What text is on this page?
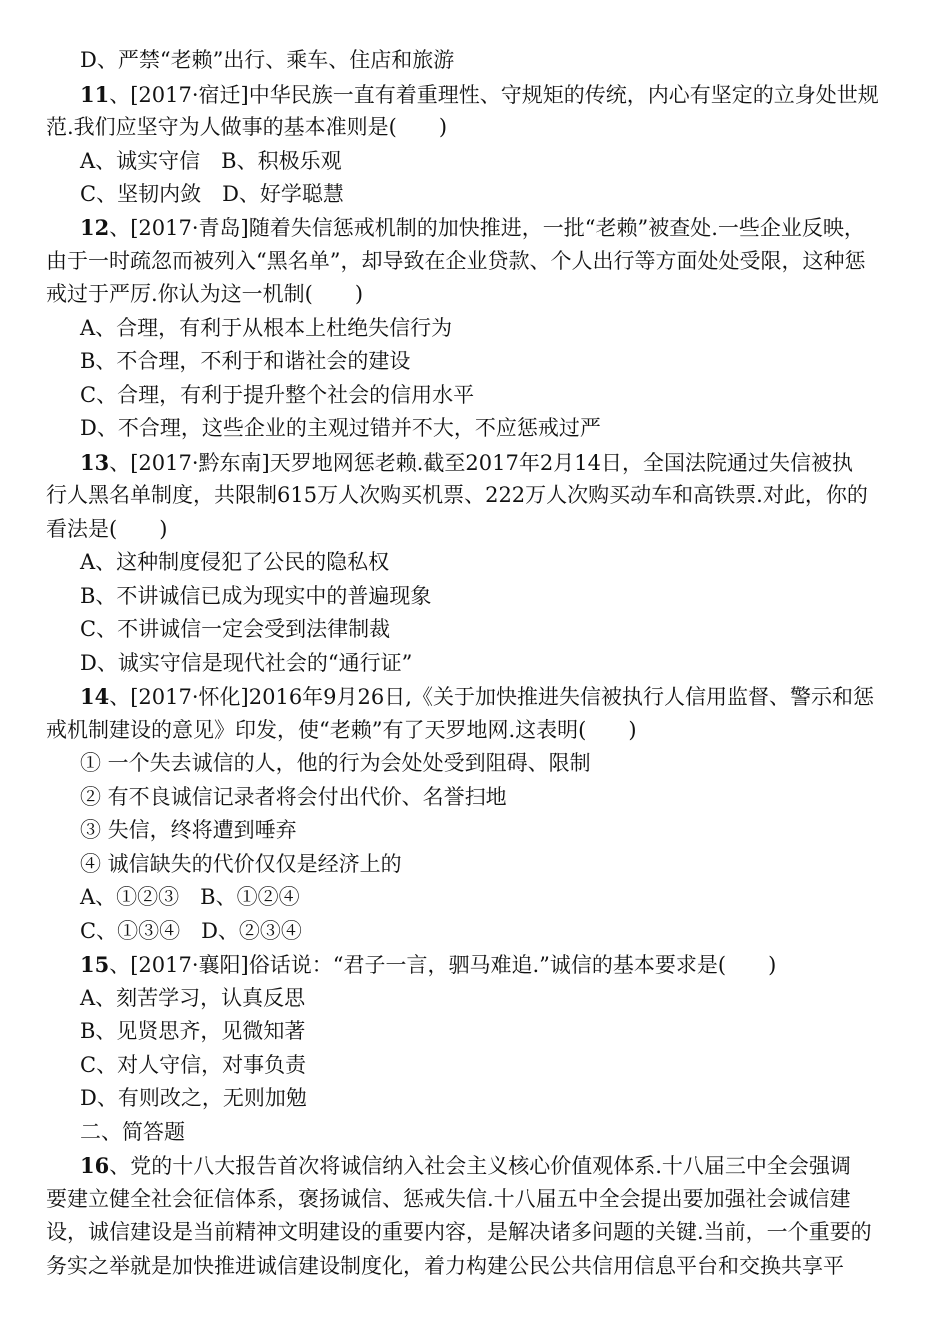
D、严禁“老赖”出行、乘车、住店和旅游
11、[2017·宿迁]中华民族一直有着重理性、守规矩的传统，内心有坚定的立身处世规
范.我们应坚守为人做事的基本准则是(　　)
A、诚实守信　B、积极乐观
C、坚韧内敛　D、好学聪慧
12、[2017·青岛]随着失信惩戒机制的加快推进，一批“老赖”被查处.一些企业反映，
由于一时疏忽而被列入“黑名单”，却导致在企业贷款、个人出行等方面处处受限，这种惩
戒过于严厉.你认为这一机制(　　)
A、合理，有利于从根本上杜绝失信行为
B、不合理，不利于和谐社会的建设
C、合理，有利于提升整个社会的信用水平
D、不合理，这些企业的主观过错并不大，不应惩戒过严
13、[2017·黔东南]天罗地网惩老赖.截至2017年2月14日，全国法院通过失信被执
行人黑名单制度，共限制615万人次购买机票、222万人次购买动车和高铁票.对此，你的
看法是(　　)
A、这种制度侵犯了公民的隐私权
B、不讲诚信已成为现实中的普遍现象
C、不讲诚信一定会受到法律制裁
D、诚实守信是现代社会的“通行证”
14、[2017·怀化]2016年9月26日,《关于加快推进失信被执行人信用监督、警示和惩
戒机制建设的意见》印发，使“老赖”有了天罗地网.这表明(　　)
① 一个失去诚信的人，他的行为会处处受到阻碍、限制
② 有不良诚信记录者将会付出代价、名誉扫地
③ 失信，终将遭到唾弃
④ 诚信缺失的代价仅仅是经济上的
A、①②③　B、①②④
C、①③④　D、②③④
15、[2017·襄阳]俗话说：“君子一言，驷马难追.”诚信的基本要求是(　　)
A、刻苦学习，认真反思
B、见贤思齐，见微知著
C、对人守信，对事负责
D、有则改之，无则加勉
二、简答题
16、党的十八大报告首次将诚信纳入社会主义核心价值观体系.十八届三中全会强调
要建立健全社会征信体系，褒扬诚信、惩戒失信.十八届五中全会提出要加强社会诚信建
设，诚信建设是当前精神文明建设的重要内容，是解决诸多问题的关键.当前，一个重要的
务实之举就是加快推进诚信建设制度化，着力构建公民公共信用信息平台和交换共享平
